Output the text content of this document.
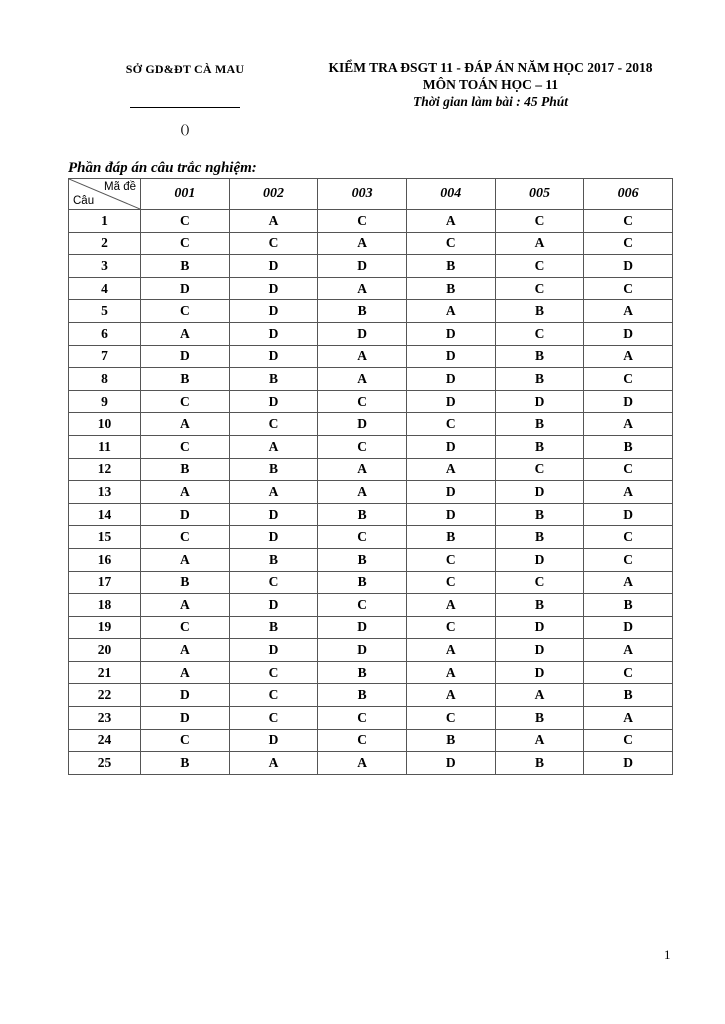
SỞ GD&ĐT CÀ MAU
()
KIỂM TRA ĐSGT 11 - ĐÁP ÁN NĂM HỌC 2017 - 2018
MÔN TOÁN HỌC – 11
Thời gian làm bài : 45 Phút
Phần đáp án câu trắc nghiệm:
Mã đề
Câu	001	002	003	004	005	006
1	C	A	C	A	C	C
2	C	C	A	C	A	C
3	B	D	D	B	C	D
4	D	D	A	B	C	C
5	C	D	B	A	B	A
6	A	D	D	D	C	D
7	D	D	A	D	B	A
8	B	B	A	D	B	C
9	C	D	C	D	D	D
10	A	C	D	C	B	A
11	C	A	C	D	B	B
12	B	B	A	A	C	C
13	A	A	A	D	D	A
14	D	D	B	D	B	D
15	C	D	C	B	B	C
16	A	B	B	C	D	C
17	B	C	B	C	C	A
18	A	D	C	A	B	B
19	C	B	D	C	D	D
20	A	D	D	A	D	A
21	A	C	B	A	D	C
22	D	C	B	A	A	B
23	D	C	C	C	B	A
24	C	D	C	B	A	C
25	B	A	A	D	B	D
1
